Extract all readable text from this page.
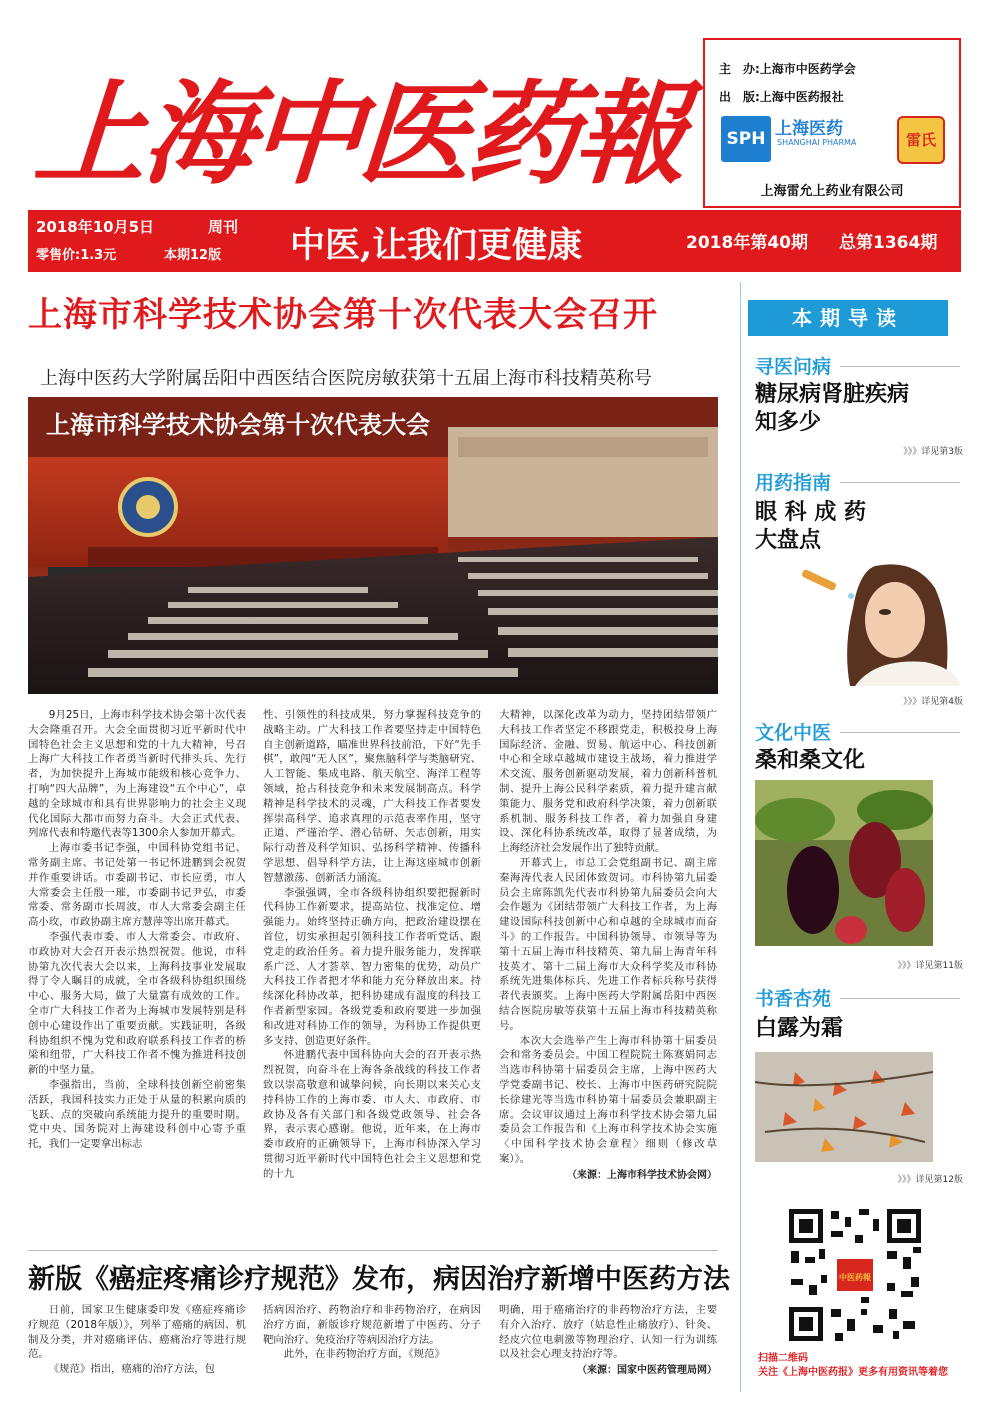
上海中医药報	主　办:上海市中医药学会
出　版:上海中医药报社
SPH 上海医药
SHANGHAI PHARMA	雷氏
上海雷允上药业有限公司
2018年10月5日	周刊
零售价:1.3元	本期12版 中医,让我们更健康	2018年第40期 总第1364期
上海市科学技术协会第十次代表大会召开
上海中医药大学附属岳阳中西医结合医院房敏获第十五届上海市科技精英称号
上海市科学技术协会第十次代表大会

9月25日，上海市科学技术协会第十次代表大会隆重召开。大会全面贯彻习近平新时代中国特色社会主义思想和党的十九大精神，号召上海广大科技工作者勇当新时代排头兵、先行者，为加快提升上海城市能级和核心竞争力、打响“四大品牌”，为上海建设“五个中心”，卓越的全球城市和具有世界影响力的社会主义现代化国际大都市而努力奋斗。大会正式代表、列席代表和特邀代表等1300余人参加开幕式。

上海市委书记李强，中国科协党组书记、常务副主席、书记处第一书记怀进鹏到会祝贺并作重要讲话。市委副书记、市长应勇，市人大常委会主任殷一璀，市委副书记尹弘，市委常委、常务副市长周波，市人大常委会副主任高小玫，市政协副主席方慧萍等出席开幕式。

李强代表市委、市人大常委会、市政府、市政协对大会召开表示热烈祝贺。他说，市科协第九次代表大会以来，上海科技事业发展取得了令人瞩目的成就，全市各级科协组织围绕中心、服务大局，做了大量富有成效的工作。全市广大科技工作者为上海城市发展特别是科创中心建设作出了重要贡献。实践证明，各级科协组织不愧为党和政府联系科技工作者的桥梁和纽带，广大科技工作者不愧为推进科技创新的中坚力量。

李强指出，当前，全球科技创新空前密集活跃，我国科技实力正处于从量的积累向质的飞跃、点的突破向系统能力提升的重要时期。党中央、国务院对上海建设科创中心寄予重托，我们一定要拿出标志

性、引领性的科技成果，努力掌握科技竞争的战略主动。广大科技工作者要坚持走中国特色自主创新道路，瞄准世界科技前沿，下好“先手棋”，敢闯“无人区”，聚焦脑科学与类脑研究、人工智能、集成电路、航天航空、海洋工程等领域，抢占科技竞争和未来发展制高点。科学精神是科学技术的灵魂，广大科技工作者要发挥崇高科学、追求真理的示范表率作用，坚守正道、严谨治学、潜心钻研、矢志创新，用实际行动普及科学知识、弘扬科学精神、传播科学思想、倡导科学方法，让上海这座城市创新智慧激荡、创新活力涌流。

李强强调，全市各级科协组织要把握新时代科协工作新要求，提高站位、找准定位、增强能力。始终坚持正确方向，把政治建设摆在首位，切实承担起引领科技工作者听党话、跟党走的政治任务。着力提升服务能力，发挥联系广泛、人才荟萃、智力密集的优势，动员广大科技工作者把才华和能力充分释放出来。持续深化科协改革，把科协建成有温度的科技工作者新型家园。各级党委和政府要进一步加强和改进对科协工作的领导，为科协工作提供更多支持、创造更好条件。

怀进鹏代表中国科协向大会的召开表示热烈祝贺，向奋斗在上海各条战线的科技工作者致以崇高敬意和诚挚问候，向长期以来关心支持科协工作的上海市委、市人大、市政府、市政协及各有关部门和各级党政领导、社会各界，表示衷心感谢。他说，近年来，在上海市委市政府的正确领导下，上海市科协深入学习贯彻习近平新时代中国特色社会主义思想和党的十九

大精神，以深化改革为动力，坚持团结带领广大科技工作者坚定不移跟党走，积极投身上海国际经济、金融、贸易、航运中心、科技创新中心和全球卓越城市建设主战场，着力推进学术交流、服务创新驱动发展，着力创新科普机制、提升上海公民科学素质，着力提升建言献策能力、服务党和政府科学决策，着力创新联系机制、服务科技工作者，着力加强自身建设、深化科协系统改革，取得了显著成绩，为上海经济社会发展作出了独特贡献。

开幕式上，市总工会党组副书记、副主席秦海涛代表人民团体致贺词。市科协第九届委员会主席陈凯先代表市科协第九届委员会向大会作题为《团结带领广大科技工作者，为上海建设国际科技创新中心和卓越的全球城市而奋斗》的工作报告。中国科协领导、市领导等为第十五届上海市科技精英、第九届上海青年科技英才、第十二届上海市大众科学奖及市科协系统先进集体标兵、先进工作者标兵称号获得者代表颁奖。上海中医药大学附属岳阳中西医结合医院房敏等获第十五届上海市科技精英称号。

本次大会选举产生上海市科协第十届委员会和常务委员会。中国工程院院士陈赛娟同志当选市科协第十届委员会主席，上海中医药大学党委副书记、校长、上海市中医药研究院院长徐建光等当选市科协第十届委员会兼职副主席。会议审议通过上海市科学技术协会第九届委员会工作报告和《上海市科学技术协会实施〈中国科学技术协会章程〉细则（修改草案）》。

（来源：上海市科学技术协会网）
新版《癌症疼痛诊疗规范》发布，病因治疗新增中医药方法

日前，国家卫生健康委印发《癌症疼痛诊疗规范（2018年版）》，列举了癌痛的病因、机制及分类，并对癌痛评估、癌痛治疗等进行规范。

《规范》指出，癌痛的治疗方法，包

括病因治疗、药物治疗和非药物治疗，在病因治疗方面，新版诊疗规范新增了中医药、分子靶向治疗、免疫治疗等病因治疗方法。

此外，在非药物治疗方面，《规范》

明确，用于癌痛治疗的非药物治疗方法，主要有介入治疗、放疗（姑息性止痛放疗）、针灸、经皮穴位电刺激等物理治疗、认知一行为训练以及社会心理支持治疗等。

（来源：国家中医药管理局网）
本期导读
寻医问病
糖尿病肾脏疾病
知多少
》》》详见第3版
用药指南
眼 科 成 药
大盘点
》》》详见第4版
文化中医
桑和桑文化
》》》详见第11版
书香杏苑
白露为霜
》》》详见第12版
中医药報
扫描二维码
关注《上海中医药报》更多有用资讯等着您
